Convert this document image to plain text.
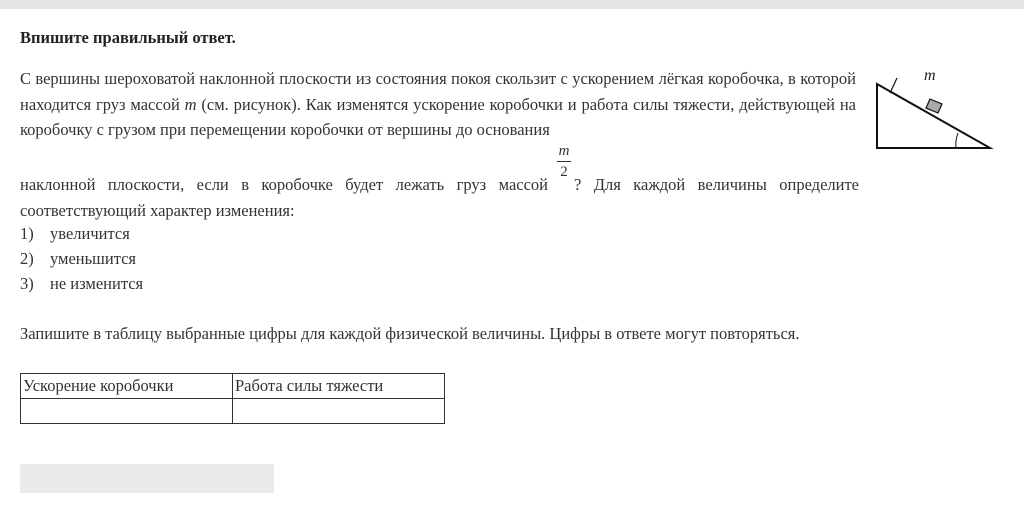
Впишите правильный ответ.
С вершины шероховатой наклонной плоскости из состояния покоя скользит с ускорением лёгкая коробочка, в которой находится груз массой m (см. рисунок). Как изменятся ускорение коробочки и работа силы тяжести, действующей на коробочку с грузом при перемещении коробочки от вершины до основания
$\frac{m}{2}$
наклонной плоскости, если в коробочке будет лежать груз массой ? Для каждой величины определите соответствующий характер изменения:
1) увеличится
2) уменьшится
3) не изменится
Запишите в таблицу выбранные цифры для каждой физической величины. Цифры в ответе могут повторяться.
Ускорение коробочки	Работа силы тяжести

m
